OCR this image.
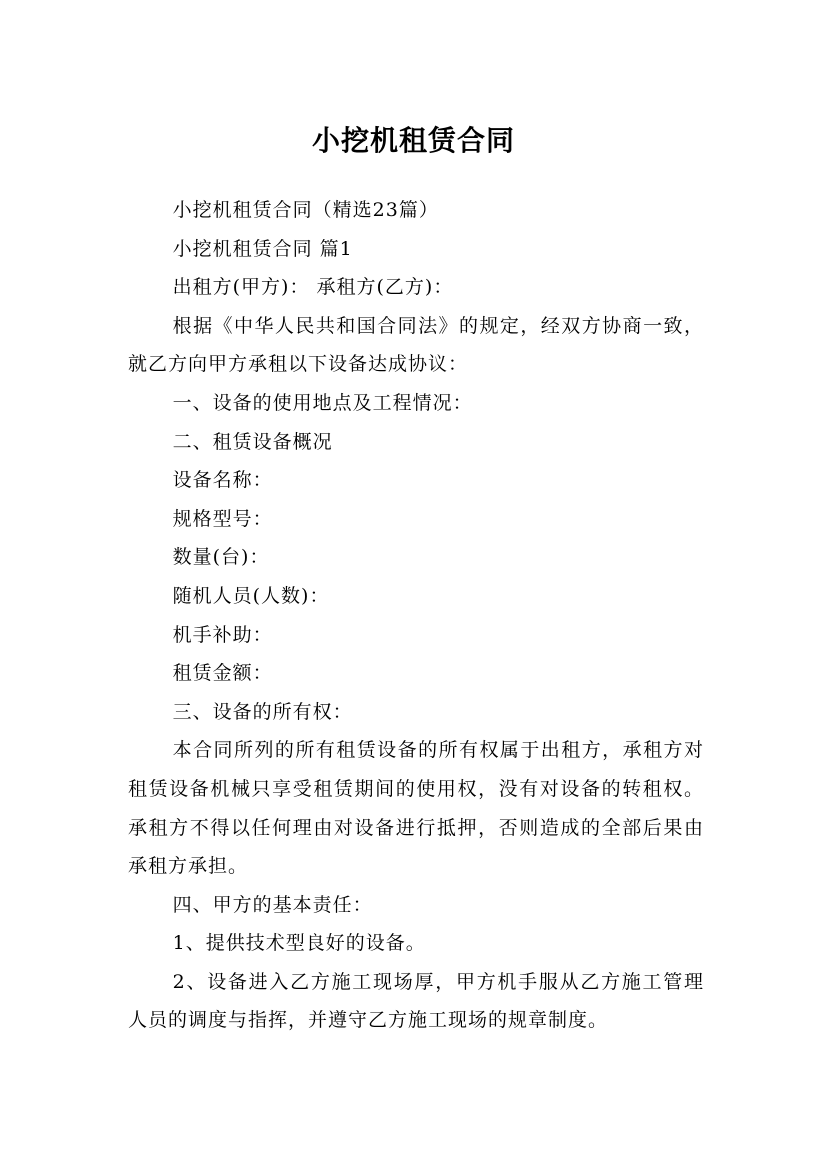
小挖机租赁合同

小挖机租赁合同（精选23篇）

小挖机租赁合同 篇1

出租方(甲方)： 承租方(乙方)：

根据《中华人民共和国合同法》的规定，经双方协商一致，就乙方向甲方承租以下设备达成协议：

一、设备的使用地点及工程情况：

二、租赁设备概况

设备名称：

规格型号：

数量(台)：

随机人员(人数)：

机手补助：

租赁金额：

三、设备的所有权：

本合同所列的所有租赁设备的所有权属于出租方，承租方对租赁设备机械只享受租赁期间的使用权，没有对设备的转租权。承租方不得以任何理由对设备进行抵押，否则造成的全部后果由承租方承担。

四、甲方的基本责任：

1、提供技术型良好的设备。

2、设备进入乙方施工现场厚，甲方机手服从乙方施工管理人员的调度与指挥，并遵守乙方施工现场的规章制度。
